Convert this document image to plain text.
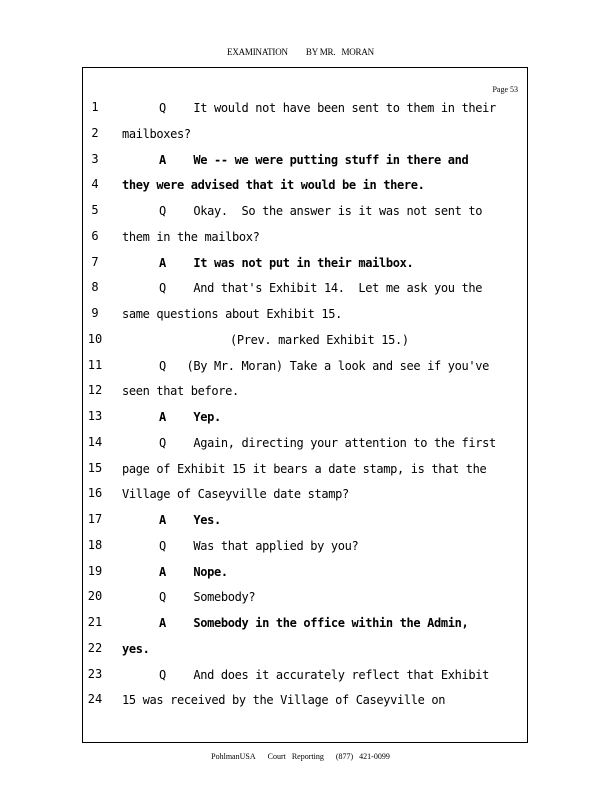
EXAMINATION BY MR. MORAN
Page 53
1	Q    It would not have been sent to them in their
2	mailboxes?
3	A    We -- we were putting stuff in there and
4	they were advised that it would be in there.
5	Q    Okay.  So the answer is it was not sent to
6	them in the mailbox?
7	A    It was not put in their mailbox.
8	Q    And that's Exhibit 14.  Let me ask you the
9	same questions about Exhibit 15.
10	(Prev. marked Exhibit 15.)
11	Q   (By Mr. Moran) Take a look and see if you've
12 seen that before.
13	A    Yep.
14	Q    Again, directing your attention to the first
15 page of Exhibit 15 it bears a date stamp, is that the
16 Village of Caseyville date stamp?
17	A    Yes.
18	Q    Was that applied by you?
19	A    Nope.
20	Q    Somebody?
21	A    Somebody in the office within the Admin,
22 yes.
23	Q    And does it accurately reflect that Exhibit
24 15 was received by the Village of Caseyville on
PohlmanUSA Court   Reporting (877)   421-0099
